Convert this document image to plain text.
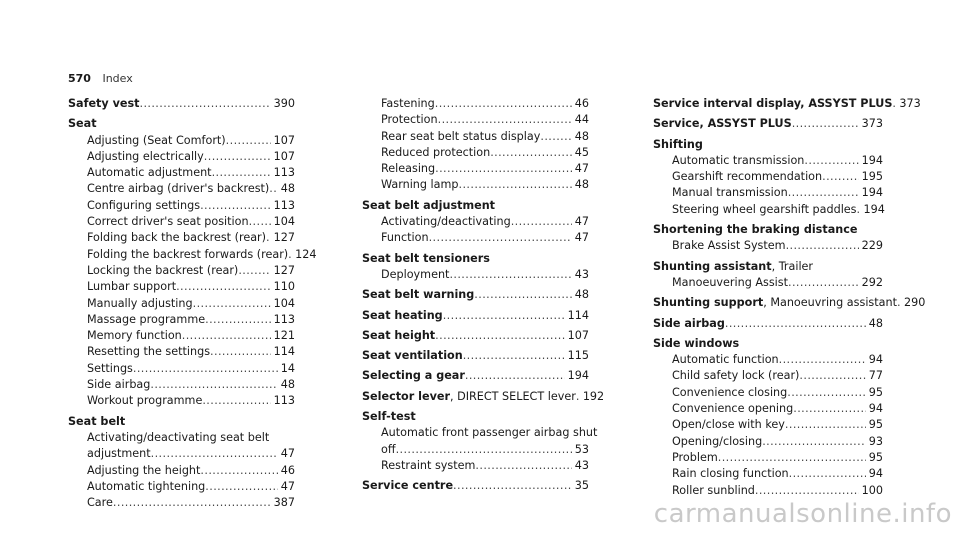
570 Index
Safety vest .....	390
Seat
Adjusting (Seat Comfort) .....	107
Adjusting electrically .....	107
Automatic adjustment .....	113
Centre airbag (driver's backrest) ..... 48
Configuring settings .....	113
Correct driver's seat position ..... 104
Folding back the backrest (rear) ..... 127
Folding the backrest forwards (rear) ..... 124
Locking the backrest (rear) .....	127
Lumbar support .....	110
Manually adjusting .....	104
Massage programme .....	113
Memory function .....	121
Resetting the settings .....	114
Settings .....	14
Side airbag .....	48
Workout programme .....	113
Seat belt
Activating/deactivating seat belt
adjustment .....	47
Adjusting the height .....	46
Automatic tightening .....	47
Care .....	387
Fastening .....	46
Protection .....	44
Rear seat belt status display .....	48
Reduced protection .....	45
Releasing .....	47
Warning lamp .....	48
Seat belt adjustment
Activating/deactivating .....	47
Function .....	47
Seat belt tensioners
Deployment .....	43
Seat belt warning .....	48
Seat heating .....	114
Seat height .....	107
Seat ventilation .....	115
Selecting a gear .....	194
Selector lever, DIRECT SELECT lever ..... 192
Self-test
Automatic front passenger airbag shut
off .....	53
Restraint system .....	43
Service centre .....	35
Service interval display, ASSYST PLUS ..... 373
Service, ASSYST PLUS .....	373
Shifting
Automatic transmission .....	194
Gearshift recommendation .....	195
Manual transmission .....	194
Steering wheel gearshift paddles ..... 194
Shortening the braking distance
Brake Assist System .....	229
Shunting assistant, Trailer
Manoeuvering Assist .....	292
Shunting support, Manoeuvring assistant ..... 290
Side airbag .....	48
Side windows
Automatic function .....	94
Child safety lock (rear) .....	77
Convenience closing .....	95
Convenience opening .....	94
Open/close with key .....	95
Opening/closing .....	93
Problem .....	95
Rain closing function .....	94
Roller sunblind .....	100
carmanualsonline.info
